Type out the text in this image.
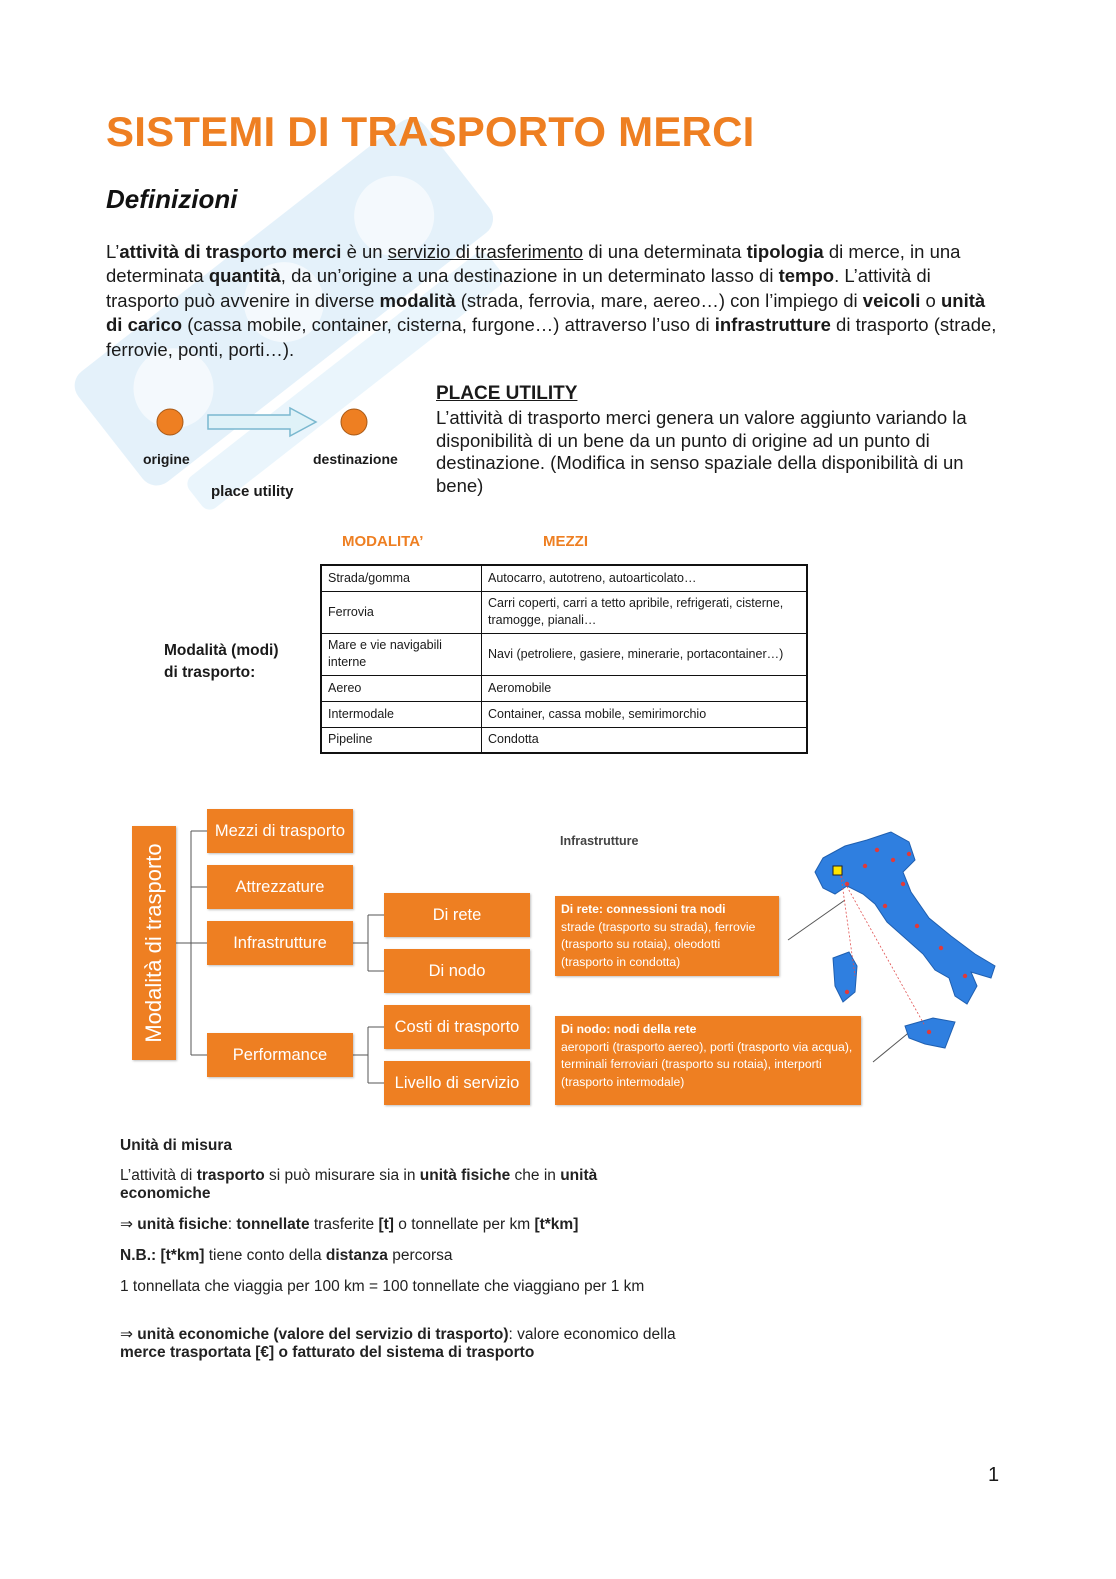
SISTEMI DI TRASPORTO MERCI
Definizioni
L’attività di trasporto merci è un servizio di trasferimento di una determinata tipologia di merce, in una determinata quantità, da un’origine a una destinazione in un determinato lasso di tempo. L’attività di trasporto può avvenire in diverse modalità (strada, ferrovia, mare, aereo…) con l’impiego di veicoli o unità di carico (cassa mobile, container, cisterna, furgone…) attraverso l’uso di infrastrutture di trasporto (strade, ferrovie, ponti, porti…).
origine	destinazione
place utility
PLACE UTILITY
L’attività di trasporto merci genera un valore aggiunto variando la disponibilità di un bene da un punto di origine ad un punto di destinazione. (Modifica in senso spaziale della disponibilità di un bene)
MODALITA’	MEZZI
Modalità (modi)
di trasporto:
Strada/gomma	Autocarro, autotreno, autoarticolato…
Ferrovia	Carri coperti, carri a tetto apribile, refrigerati, cisterne, tramogge, pianali…
Mare e vie navigabili interne	Navi (petroliere, gasiere, minerarie, portacontainer…)
Aereo	Aeromobile
Intermodale	Container, cassa mobile, semirimorchio
Pipeline	Condotta
Modalità di trasporto
Mezzi di trasporto
Attrezzature
Infrastrutture
Performance
Di rete
Di nodo
Costi di trasporto
Livello di servizio
Infrastrutture
Di rete: connessioni tra nodi
strade (trasporto su strada), ferrovie (trasporto su rotaia), oleodotti (trasporto in condotta)
Di nodo: nodi della rete
aeroporti (trasporto aereo), porti (trasporto via acqua), terminali ferroviari (trasporto su rotaia), interporti (trasporto intermodale)
Unità di misura
L’attività di trasporto si può misurare sia in unità fisiche che in unità economiche
⇒ unità fisiche: tonnellate trasferite [t] o tonnellate per km [t*km]
N.B.: [t*km] tiene conto della distanza percorsa
1 tonnellata che viaggia per 100 km = 100 tonnellate che viaggiano per 1 km
⇒ unità economiche (valore del servizio di trasporto): valore economico della merce trasportata [€] o fatturato del sistema di trasporto
1
